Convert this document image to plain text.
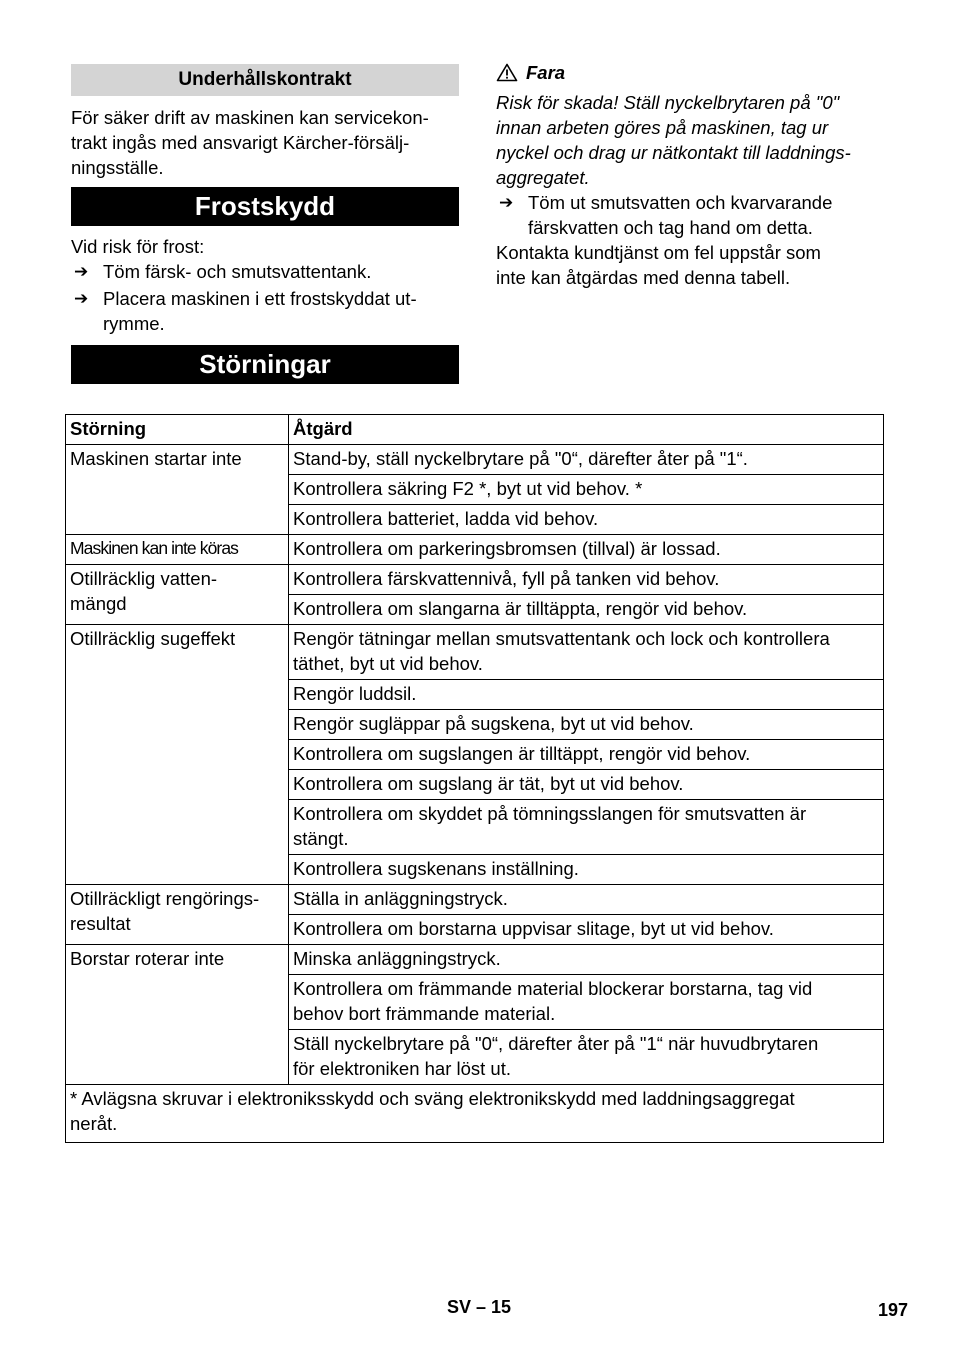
Underhållskontrakt
För säker drift av maskinen kan servicekon-
trakt ingås med ansvarigt Kärcher-försälj-
ningsställe.
Frostskydd
Vid risk för frost:
➔ Töm färsk- och smutsvattentank.
➔ Placera maskinen i ett frostskyddat ut-
rymme.
Störningar
Fara
Risk för skada! Ställ nyckelbrytaren på "0"
innan arbeten göres på maskinen, tag ur
nyckel och drag ur nätkontakt till laddnings-
aggregatet.
➔ Töm ut smutsvatten och kvarvarande
färskvatten och tag hand om detta.
Kontakta kundtjänst om fel uppstår som
inte kan åtgärdas med denna tabell.
Störning	Åtgärd

Maskinen startar inte	Stand-by, ställ nyckelbrytare på "0“, därefter åter på "1“.

	Kontrollera säkring F2 *, byt ut vid behov. *

	Kontrollera batteriet, ladda vid behov.

Maskinen kan inte köras	Kontrollera om parkeringsbromsen (tillval) är lossad.

Otillräcklig vatten-
mängd	Kontrollera färskvattennivå, fyll på tanken vid behov.

	Kontrollera om slangarna är tilltäppta, rengör vid behov.

Otillräcklig sugeffekt	Rengör tätningar mellan smutsvattentank och lock och kontrollera
täthet, byt ut vid behov.

	Rengör luddsil.

	Rengör sugläppar på sugskena, byt ut vid behov.

	Kontrollera om sugslangen är tilltäppt, rengör vid behov.

	Kontrollera om sugslang är tät, byt ut vid behov.

	Kontrollera om skyddet på tömningsslangen för smutsvatten är
stängt.

	Kontrollera sugskenans inställning.

Otillräckligt rengörings-
resultat	Ställa in anläggningstryck.

	Kontrollera om borstarna uppvisar slitage, byt ut vid behov.

Borstar roterar inte	Minska anläggningstryck.

	Kontrollera om främmande material blockerar borstarna, tag vid
behov bort främmande material.

	Ställ nyckelbrytare på "0“, därefter åter på "1“ när huvudbrytaren
för elektroniken har löst ut.

* Avlägsna skruvar i elektroniksskydd och sväng elektronikskydd med laddningsaggregat
neråt.	
SV – 15	197
